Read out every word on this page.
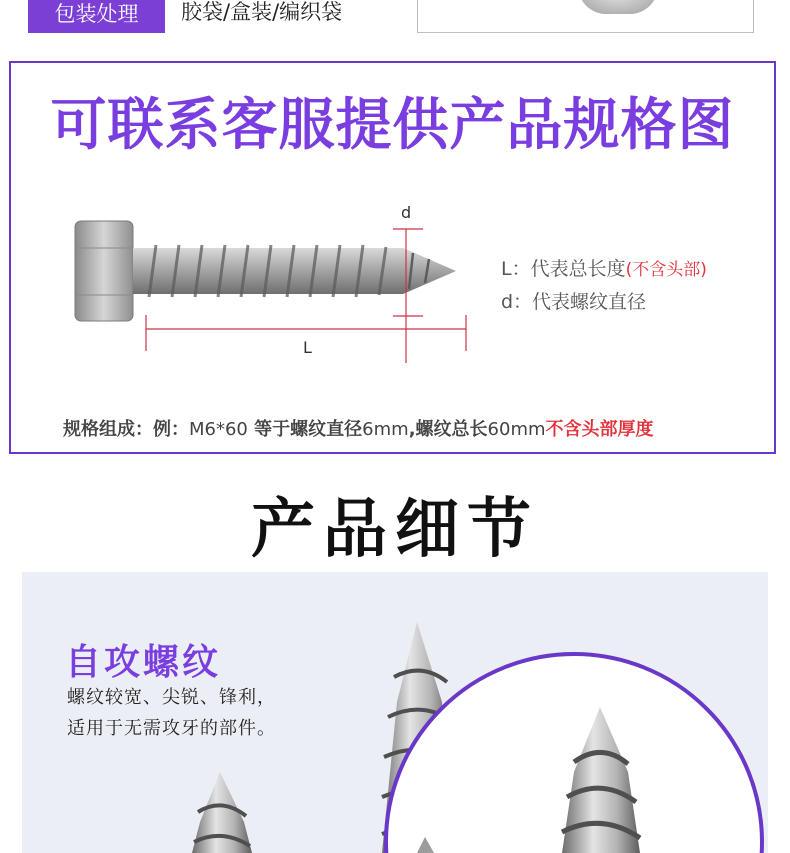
包装处理	胶袋/盒装/编织袋
可联系客服提供产品规格图
d
L
L：代表总长度(不含头部)
d：代表螺纹直径
规格组成：例：M6*60 等于螺纹直径6mm,螺纹总长60mm不含头部厚度
产品细节
自攻螺纹
螺纹较宽、尖锐、锋利，
适用于无需攻牙的部件。
